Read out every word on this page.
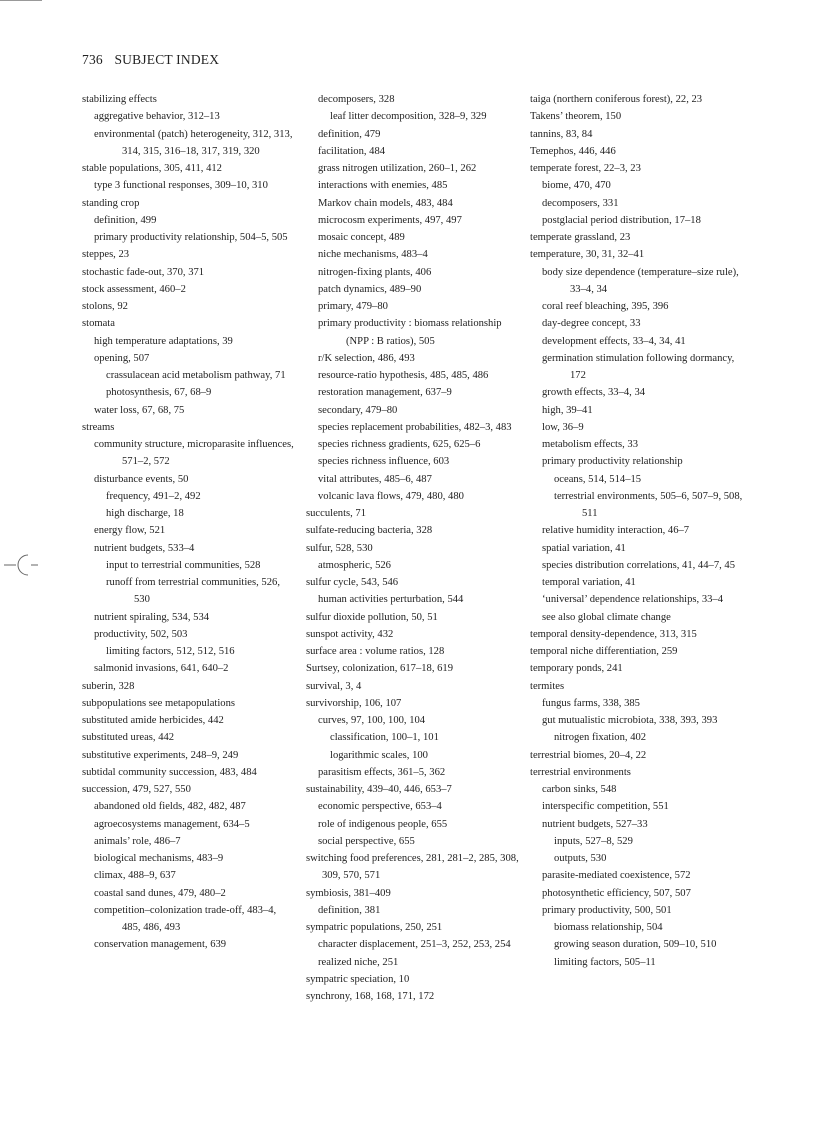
736 SUBJECT INDEX

stabilizing effects

aggregative behavior, 312–13

environmental (patch) heterogeneity, 312, 313, 314, 315, 316–18, 317, 319, 320

stable populations, 305, 411, 412

type 3 functional responses, 309–10, 310

standing crop

definition, 499

primary productivity relationship, 504–5, 505

steppes, 23

stochastic fade-out, 370, 371

stock assessment, 460–2

stolons, 92

stomata

high temperature adaptations, 39

opening, 507

crassulacean acid metabolism pathway, 71

photosynthesis, 67, 68–9

water loss, 67, 68, 75

streams

community structure, microparasite influences, 571–2, 572

disturbance events, 50

frequency, 491–2, 492

high discharge, 18

energy flow, 521

nutrient budgets, 533–4

input to terrestrial communities, 528

runoff from terrestrial communities, 526, 530

nutrient spiraling, 534, 534

productivity, 502, 503

limiting factors, 512, 512, 516

salmonid invasions, 641, 640–2

suberin, 328

subpopulations see metapopulations

substituted amide herbicides, 442

substituted ureas, 442

substitutive experiments, 248–9, 249

subtidal community succession, 483, 484

succession, 479, 527, 550

abandoned old fields, 482, 482, 487

agroecosystems management, 634–5

animals’ role, 486–7

biological mechanisms, 483–9

climax, 488–9, 637

coastal sand dunes, 479, 480–2

competition–colonization trade-off, 483–4, 485, 486, 493

conservation management, 639

decomposers, 328

leaf litter decomposition, 328–9, 329

definition, 479

facilitation, 484

grass nitrogen utilization, 260–1, 262

interactions with enemies, 485

Markov chain models, 483, 484

microcosm experiments, 497, 497

mosaic concept, 489

niche mechanisms, 483–4

nitrogen-fixing plants, 406

patch dynamics, 489–90

primary, 479–80

primary productivity : biomass relationship (NPP : B ratios), 505

r/K selection, 486, 493

resource-ratio hypothesis, 485, 485, 486

restoration management, 637–9

secondary, 479–80

species replacement probabilities, 482–3, 483

species richness gradients, 625, 625–6

species richness influence, 603

vital attributes, 485–6, 487

volcanic lava flows, 479, 480, 480

succulents, 71

sulfate-reducing bacteria, 328

sulfur, 528, 530

atmospheric, 526

sulfur cycle, 543, 546

human activities perturbation, 544

sulfur dioxide pollution, 50, 51

sunspot activity, 432

surface area : volume ratios, 128

Surtsey, colonization, 617–18, 619

survival, 3, 4

survivorship, 106, 107

curves, 97, 100, 100, 104

classification, 100–1, 101

logarithmic scales, 100

parasitism effects, 361–5, 362

sustainability, 439–40, 446, 653–7

economic perspective, 653–4

role of indigenous people, 655

social perspective, 655

switching food preferences, 281, 281–2, 285, 308, 309, 570, 571

symbiosis, 381–409

definition, 381

sympatric populations, 250, 251

character displacement, 251–3, 252, 253, 254

realized niche, 251

sympatric speciation, 10

synchrony, 168, 168, 171, 172

taiga (northern coniferous forest), 22, 23

Takens’ theorem, 150

tannins, 83, 84

Temephos, 446, 446

temperate forest, 22–3, 23

biome, 470, 470

decomposers, 331

postglacial period distribution, 17–18

temperate grassland, 23

temperature, 30, 31, 32–41

body size dependence (temperature–size rule), 33–4, 34

coral reef bleaching, 395, 396

day-degree concept, 33

development effects, 33–4, 34, 41

germination stimulation following dormancy, 172

growth effects, 33–4, 34

high, 39–41

low, 36–9

metabolism effects, 33

primary productivity relationship

oceans, 514, 514–15

terrestrial environments, 505–6, 507–9, 508, 511

relative humidity interaction, 46–7

spatial variation, 41

species distribution correlations, 41, 44–7, 45

temporal variation, 41

‘universal’ dependence relationships, 33–4

see also global climate change

temporal density-dependence, 313, 315

temporal niche differentiation, 259

temporary ponds, 241

termites

fungus farms, 338, 385

gut mutualistic microbiota, 338, 393, 393

nitrogen fixation, 402

terrestrial biomes, 20–4, 22

terrestrial environments

carbon sinks, 548

interspecific competition, 551

nutrient budgets, 527–33

inputs, 527–8, 529

outputs, 530

parasite-mediated coexistence, 572

photosynthetic efficiency, 507, 507

primary productivity, 500, 501

biomass relationship, 504

growing season duration, 509–10, 510

limiting factors, 505–11
